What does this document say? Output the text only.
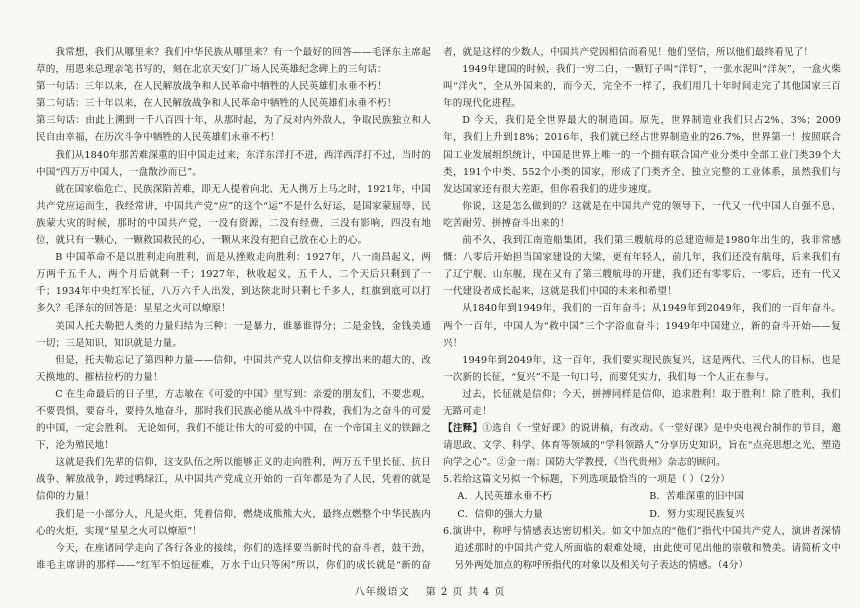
我常想，我们从哪里来？我们中华民族从哪里来？有一个最好的回答——毛泽东主席起草的，用恩来总理亲笔书写的，刻在北京天安门广场人民英雄纪念碑上的三句话：

第一句话：三年以来，在人民解放战争和人民革命中牺牲的人民英雄们永垂不朽！

第二句话：三十年以来，在人民解放战争和人民革命中牺牲的人民英雄们永垂不朽！

第三句话：由此上溯到一千八百四十年，从那时起，为了反对内外敌人，争取民族独立和人民自由幸福，在历次斗争中牺牲的人民英雄们永垂不朽！

我们从1840年那苦难深重的旧中国走过来，东洋东洋打不进，西洋西洋打不过，当时的中国“四万万中国人，一盘散沙而已”。

就在国家临危亡、民族深陷苦难，即无人提着向北、无人携万上马之时，1921年，中国共产党应运而生，我经常讲，中国共产党“应”的这个“运”不是什么好运，是国家蒙屈辱、民族蒙大灾的时候，那时的中国共产党，一没有资源，二没有经费，三没有影响，四没有地位，就只有一颗心，一颗救国救民的心，一颗从来没有把自己放在心上的心。

B 中国革命不是以胜利走向胜利，而是从挫败走向胜利：1927年，八一南昌起义，两万两千五千人，两个月后就剩一千；1927年，秋收起义，五千人，二个天后只剩到了一千；1934年中央红军长征，八万六千人出发，到达陕北时只剩七千多人，红旗到底可以打多久？毛泽东的回答是：星星之火可以燎原！

美国人托夫勒把人类的力量归结为三种：一是暴力，谁暴谁得分；二是金钱，金钱美通一切；三是知识，知识就是力量。

但是，托夫勒忘记了第四种力量——信仰，中国共产党人以信仰支撑出来的超大的、改天换地的、摧枯拉朽的力量！

C 在生命最后的日子里，方志敏在《可爱的中国》里写到：亲爱的朋友们，不要悲观，不要畏惧，要奋斗，要持久地奋斗，那时我们民族必能从战斗中得救，我们为之奋斗的可爱的中国，一定会胜利。 无论如何，我们不能让伟大的可爱的中国，在一个帝国主义的铁蹄之下，沦为殖民地！

这就是我们先辈的信仰，这支队伍之所以能够正义的走向胜利，两万五千里长征、抗日战争、解放战争，跨过鸭绿江，从中国共产党成立开始的一百年都是为了人民，凭着的就是信仰的力量！

我们是一小部分人，凡是火炬，凭着信仰，燃烧成熊熊大火，最终点燃整个中华民族内心的火炬，实现“星星之火可以燎原”！

今天，在座诸同学走向了各行各业的接续，你们的选择要当新时代的奋斗者，鼓干劲，谁毛主席讲的那样——“红军不怕远征难，万水千山只等闲”所以，你们的成长就是“新的奋

者，就是这样的少数人，中国共产党因相信而看见！他们坚信，所以他们最终看见了！

1949年建国的时候，我们一穷二白，一颗钉子叫“洋钉”，一张水泥叫“洋灰”，一盒火柴叫“洋火”，全从外国来的，而今天，完全不一样了，我们用几十年时间走完了其他国家三百年的现代化进程。

D 今天，我们是全世界最大的制造国。原先，世界制造业我们只占2%、3%；2009年，我们上升到18%；2016年，我们就已经占世界制造业的26.7%，世界第一！按照联合国工业发展组织统计，中国是世界上唯一的一个拥有联合国产业分类中全部工业门类39个大类，191个中类、552个小类的国家，形成了门类齐全、独立完整的工业体系，虽然我们与发达国家还有很大差距，但你看我们的进步速度。

你说，这是怎么做到的？这就是在中国共产党的领导下，一代又一代中国人自强不息、吃苦耐劳、拼搏奋斗出来的！

前不久，我到江南造船集团，我们第三艘航母的总建造师是1980年出生的，我非常感慨：八零后开始担当国家建设的大梁，更有年轻人，前几年，我们还没有航母，后来我们有了辽宁舰、山东舰，现在又有了第三艘航母的开建，我们还有零零后、一零后，还有一代又一代建设者成长起来，这就是我们中国的未来和希望！

从1840年到1949年，我们的一百年奋斗；从1949年到2049年，我们的一百年奋斗。两个一百年，中国人为“救中国”三个字浴血奋斗；1949年中国建立，新的奋斗开始——复兴！

1949年到2049年，这一百年，我们要实现民族复兴，这是两代、三代人的目标，也是一次新的长征，“复兴”不是一句口号，而要凭实力，我们每一个人正在参与。

过去，长征就是信仰；今天，拼搏同样是信仰，追求胜利！取于胜利！除了胜利，我们无路可走！

【注释】①选自《一堂好课》的说讲稿，有改动。《一堂好课》是中央电视台制作的节目，邀请思政、文学、科学、体育等领域的“学科领路人”分享历史知识，旨在“点亮思想之光，塑造向学之心”。②金一南：国防大学教授，《当代贵州》杂志的顾问。

5.若给这篇文另拟一个标题，下列选项最恰当的一项是（ ）（2分）

A．人民英雄永垂不朽	B．苦难深重的旧中国
C．信仰的强大力量	D．努力实现民族复兴

6.演讲中，称呼与情感表达密切相关。如文中加点的“他们”指代中国共产党人，演讲者深情追述那时的中国共产党人所面临的艰难处境，由此使可见出他的崇敬和赞美。请简析文中另外两处加点的称呼所指代的对象以及相关句子表达的情感。（4分）

八年级语文 第 2 页 共 4 页
